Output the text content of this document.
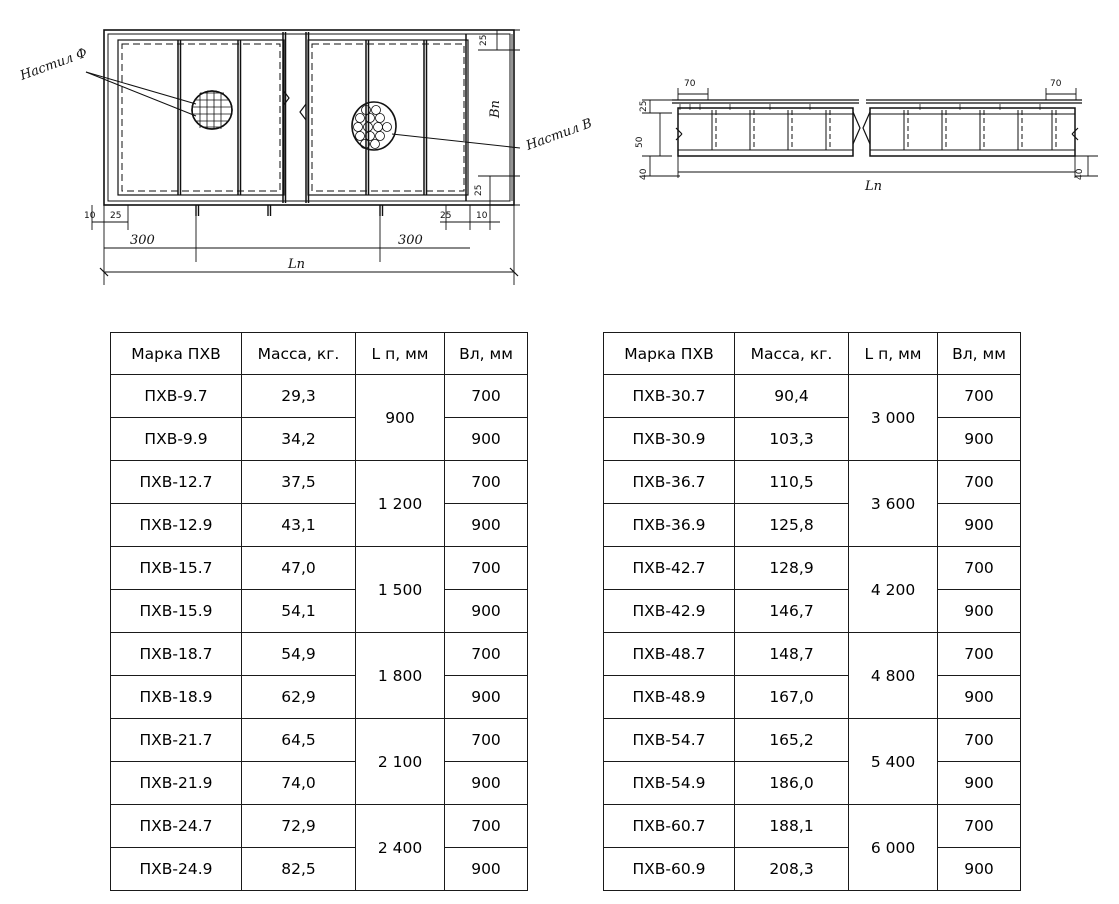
Настил Ф
Настил В
25
25
Вп
10 25	25	10
300	300
Lп
25
50
40
70	70
40
Lп
Марка ПХВ	Масса, кг.	L п, мм	Вл, мм
ПХВ-9.7	29,3	900	700
ПХВ-9.9	34,2		900
ПХВ-12.7	37,5	1 200	700
ПХВ-12.9	43,1		900
ПХВ-15.7	47,0	1 500	700
ПХВ-15.9	54,1		900
ПХВ-18.7	54,9	1 800	700
ПХВ-18.9	62,9		900
ПХВ-21.7	64,5	2 100	700
ПХВ-21.9	74,0		900
ПХВ-24.7	72,9	2 400	700
ПХВ-24.9	82,5		900
Марка ПХВ	Масса, кг.	L п, мм	Вл, мм
ПХВ-30.7	90,4	3 000	700
ПХВ-30.9	103,3		900
ПХВ-36.7	110,5	3 600	700
ПХВ-36.9	125,8		900
ПХВ-42.7	128,9	4 200	700
ПХВ-42.9	146,7		900
ПХВ-48.7	148,7	4 800	700
ПХВ-48.9	167,0		900
ПХВ-54.7	165,2	5 400	700
ПХВ-54.9	186,0		900
ПХВ-60.7	188,1	6 000	700
ПХВ-60.9	208,3		900
